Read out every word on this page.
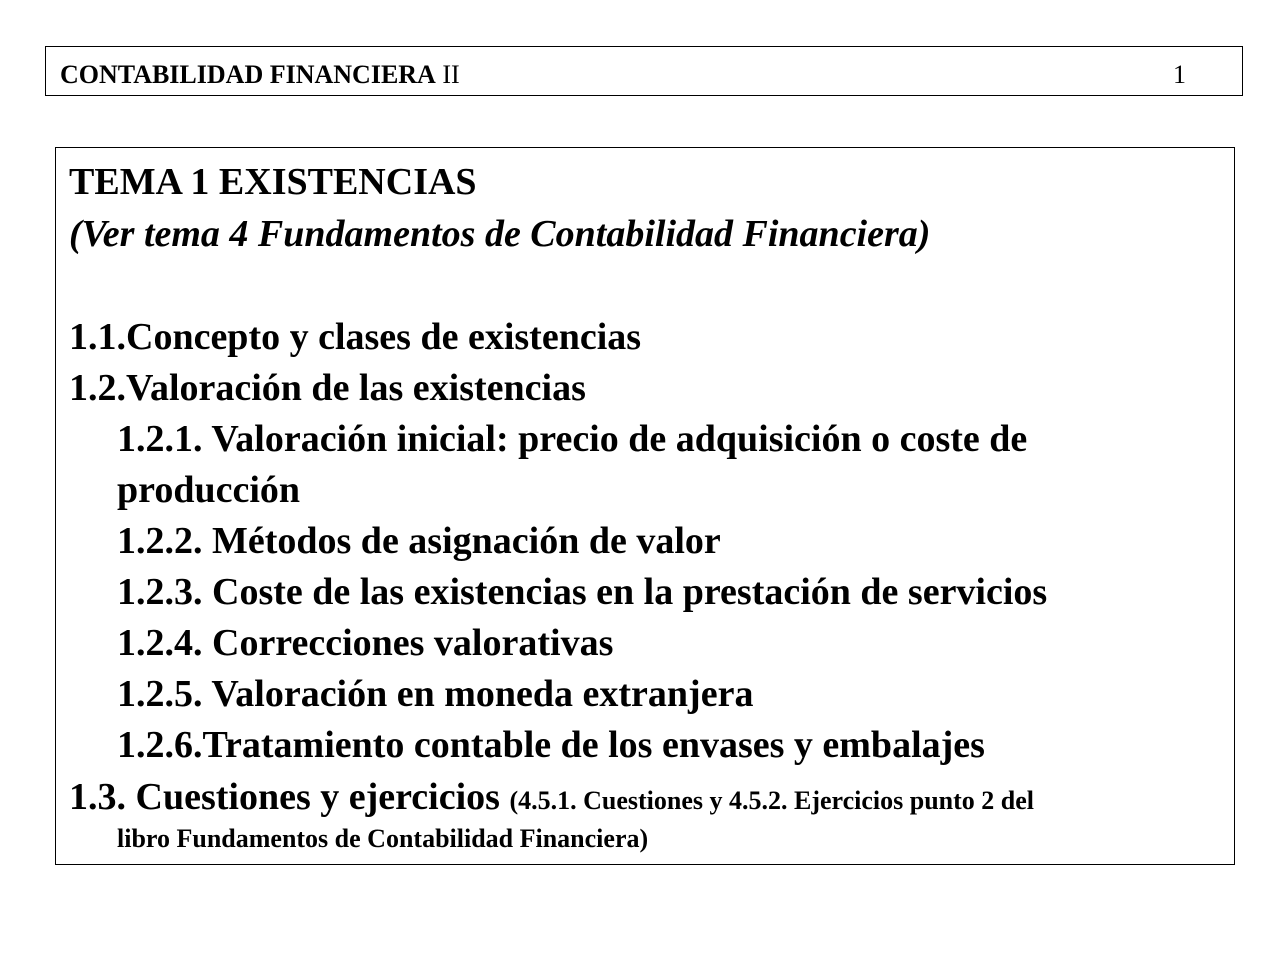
CONTABILIDAD FINANCIERA II	1
TEMA 1 EXISTENCIAS
(Ver tema 4 Fundamentos de Contabilidad Financiera)
1.1.Concepto y clases de existencias
1.2.Valoración de las existencias
1.2.1. Valoración inicial: precio de adquisición o coste de
producción
1.2.2. Métodos de asignación de valor
1.2.3. Coste de las existencias en la prestación de servicios
1.2.4. Correcciones valorativas
1.2.5. Valoración en moneda extranjera
1.2.6.Tratamiento contable de los envases y embalajes
1.3. Cuestiones y ejercicios (4.5.1. Cuestiones y 4.5.2. Ejercicios punto 2 del
libro Fundamentos de Contabilidad Financiera)
